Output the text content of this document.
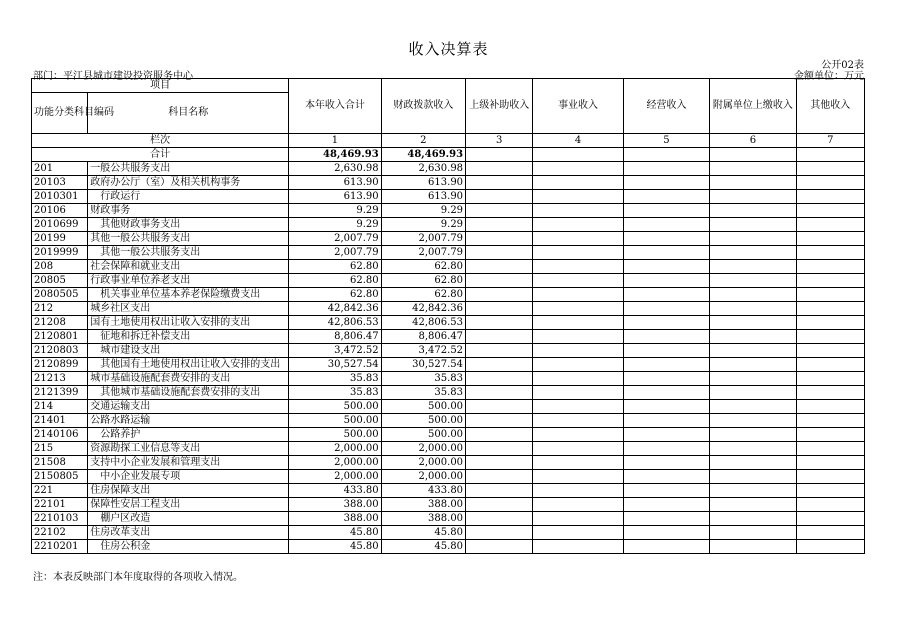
收入决算表
公开02表
部门：平江县城市建设投资服务中心	金额单位：万元
项目		本年收入合计	财政拨款收入	上级补助收入	事业收入	经营收入	附属单位上缴收入	其他收入
功能分类科目编码	科目名称							
栏次		1	2	3	4	5	6	7
合计		48,469.93	48,469.93					
201	一般公共服务支出	2,630.98	2,630.98					
20103	政府办公厅（室）及相关机构事务	613.90	613.90					
2010301	行政运行	613.90	613.90					
20106	财政事务	9.29	9.29					
2010699	其他财政事务支出	9.29	9.29					
20199	其他一般公共服务支出	2,007.79	2,007.79					
2019999	其他一般公共服务支出	2,007.79	2,007.79					
208	社会保障和就业支出	62.80	62.80					
20805	行政事业单位养老支出	62.80	62.80					
2080505	机关事业单位基本养老保险缴费支出	62.80	62.80					
212	城乡社区支出	42,842.36	42,842.36					
21208	国有土地使用权出让收入安排的支出	42,806.53	42,806.53					
2120801	征地和拆迁补偿支出	8,806.47	8,806.47					
2120803	城市建设支出	3,472.52	3,472.52					
2120899	其他国有土地使用权出让收入安排的支出	30,527.54	30,527.54					
21213	城市基础设施配套费安排的支出	35.83	35.83					
2121399	其他城市基础设施配套费安排的支出	35.83	35.83					
214	交通运输支出	500.00	500.00					
21401	公路水路运输	500.00	500.00					
2140106	公路养护	500.00	500.00					
215	资源勘探工业信息等支出	2,000.00	2,000.00					
21508	支持中小企业发展和管理支出	2,000.00	2,000.00					
2150805	中小企业发展专项	2,000.00	2,000.00					
221	住房保障支出	433.80	433.80					
22101	保障性安居工程支出	388.00	388.00					
2210103	棚户区改造	388.00	388.00					
22102	住房改革支出	45.80	45.80					
2210201	住房公积金	45.80	45.80					
注：本表反映部门本年度取得的各项收入情况。
